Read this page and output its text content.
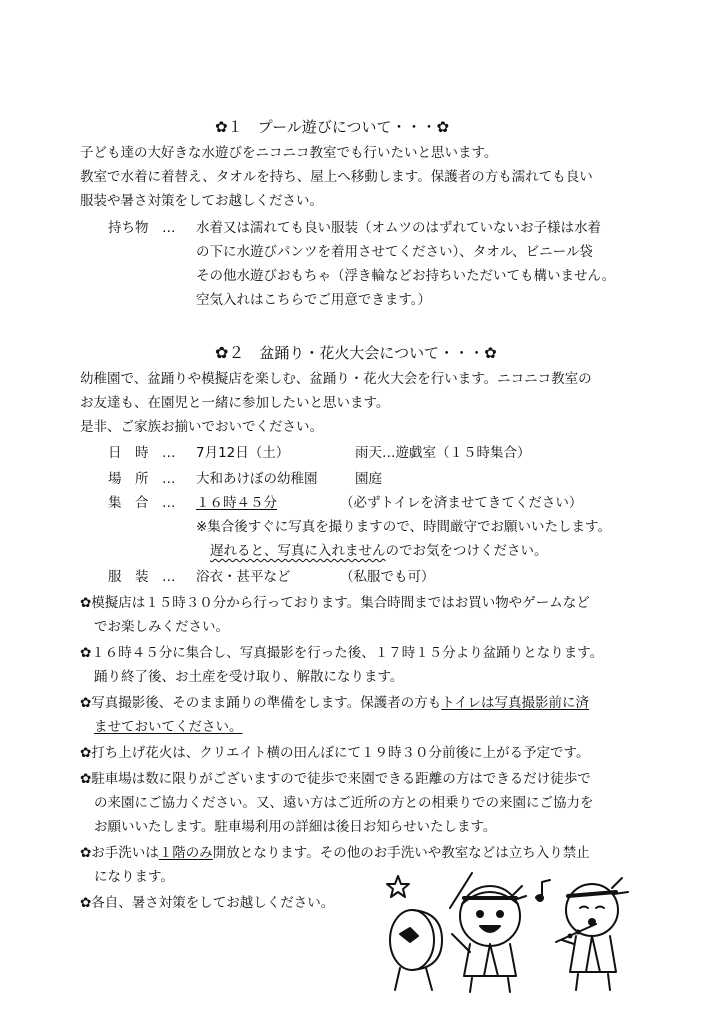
✿１　プール遊びについて・・・✿
子ども達の大好きな水遊びをニコニコ教室でも行いたいと思います。
教室で水着に着替え、タオルを持ち、屋上へ移動します。保護者の方も濡れても良い
服装や暑さ対策をしてお越しください。
持ち物　… 水着又は濡れても良い服装（オムツのはずれていないお子様は水着
の下に水遊びパンツを着用させてください）、タオル、ビニール袋
その他水遊びおもちゃ（浮き輪などお持ちいただいても構いません。
空気入れはこちらでご用意できます。）
✿２　盆踊り・花火大会について・・・✿
幼稚園で、盆踊りや模擬店を楽しむ、盆踊り・花火大会を行います。ニコニコ教室の
お友達も、在園児と一緒に参加したいと思います。
是非、ご家族お揃いでおいでください。
日　時　… 7月12日（土）	雨天…遊戯室（１５時集合）
場　所　… 大和あけぼの幼稚園	園庭
集　合　… １６時４５分	（必ずトイレを済ませてきてください）
※集合後すぐに写真を撮りますので、時間厳守でお願いいたします。
遅れると、写真に入れませんのでお気をつけください。
服　装　… 浴衣・甚平など	（私服でも可）
✿模擬店は１５時３０分から行っております。集合時間まではお買い物やゲームなど
でお楽しみください。
✿１６時４５分に集合し、写真撮影を行った後、１７時１５分より盆踊りとなります。
踊り終了後、お土産を受け取り、解散になります。
✿写真撮影後、そのまま踊りの準備をします。保護者の方もトイレは写真撮影前に済
ませておいてください。
✿打ち上げ花火は、クリエイト横の田んぼにて１９時３０分前後に上がる予定です。
✿駐車場は数に限りがございますので徒歩で来園できる距離の方はできるだけ徒歩で
の来園にご協力ください。又、遠い方はご近所の方との相乗りでの来園にご協力を
お願いいたします。駐車場利用の詳細は後日お知らせいたします。
✿お手洗いは１階のみ開放となります。その他のお手洗いや教室などは立ち入り禁止
になります。
✿各自、暑さ対策をしてお越しください。
